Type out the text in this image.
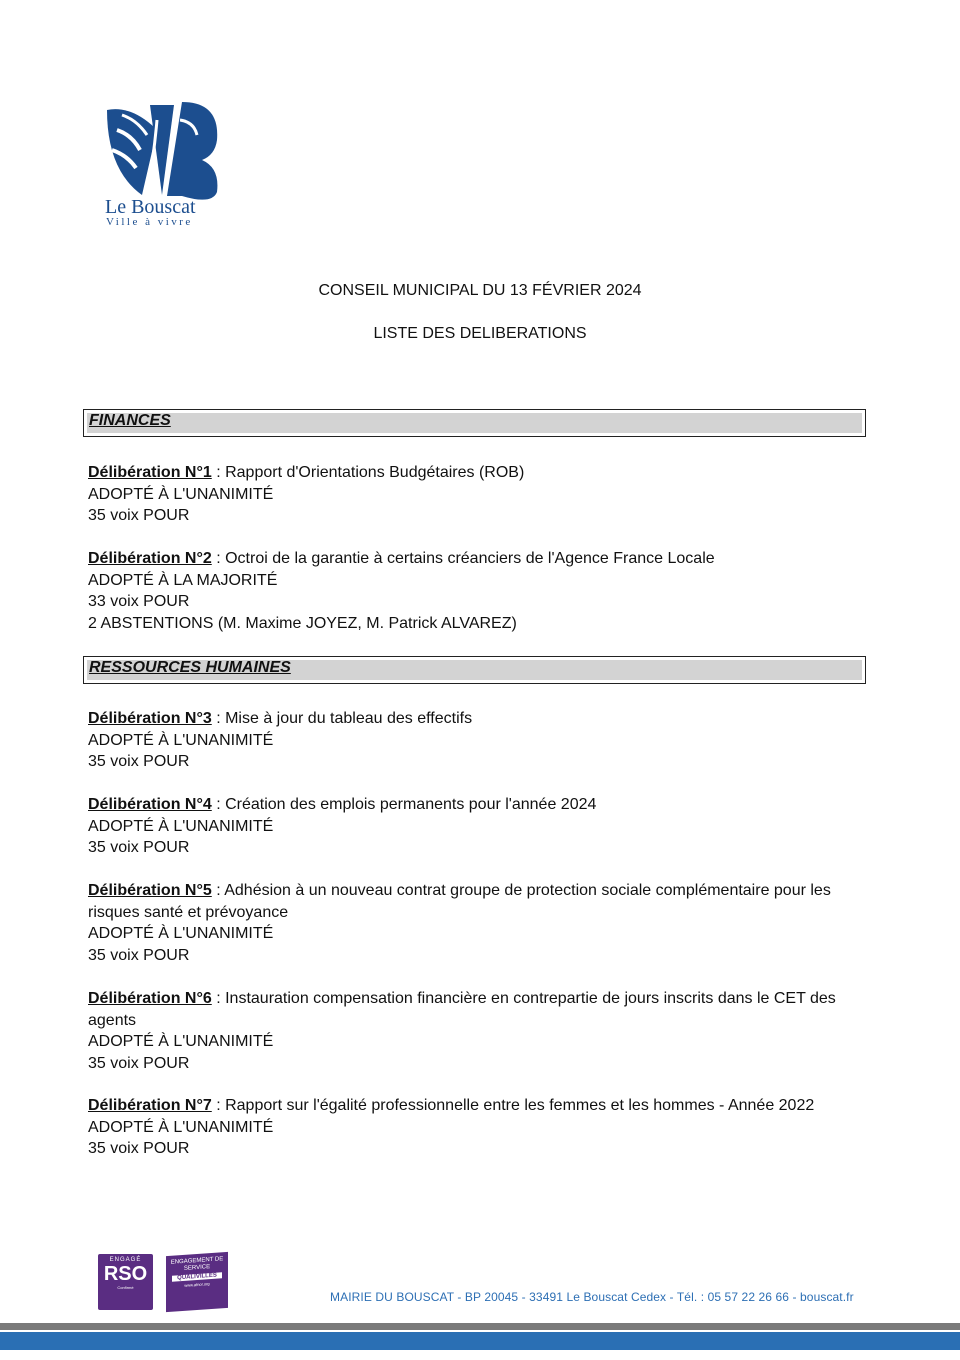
Le Bouscat
Ville à vivre
CONSEIL MUNICIPAL DU 13 FÉVRIER 2024
LISTE DES DELIBERATIONS
FINANCES

Délibération N°1 : Rapport d'Orientations Budgétaires (ROB)

ADOPTÉ À L'UNANIMITÉ

35 voix POUR

Délibération N°2 : Octroi de la garantie à certains créanciers de l'Agence France Locale

ADOPTÉ À LA MAJORITÉ

33 voix POUR

2 ABSTENTIONS (M. Maxime JOYEZ, M. Patrick ALVAREZ)

RESSOURCES HUMAINES

Délibération N°3 : Mise à jour du tableau des effectifs

ADOPTÉ À L'UNANIMITÉ

35 voix POUR

Délibération N°4 : Création des emplois permanents pour l'année 2024

ADOPTÉ À L'UNANIMITÉ

35 voix POUR

Délibération N°5 : Adhésion à un nouveau contrat groupe de protection sociale complémentaire pour les risques santé et prévoyance

ADOPTÉ À L'UNANIMITÉ

35 voix POUR

Délibération N°6 : Instauration compensation financière en contrepartie de jours inscrits dans le CET des agents

ADOPTÉ À L'UNANIMITÉ

35 voix POUR

Délibération N°7 : Rapport sur l'égalité professionnelle entre les femmes et les hommes - Année 2022

ADOPTÉ À L'UNANIMITÉ

35 voix POUR

ENGAGÉ
RSO
Confirmé
ENGAGEMENT DE SERVICE
QUALIVILLES
www.afnor.org
MAIRIE DU BOUSCAT - BP 20045 - 33491 Le Bouscat Cedex - Tél. : 05 57 22 26 66 - bouscat.fr
